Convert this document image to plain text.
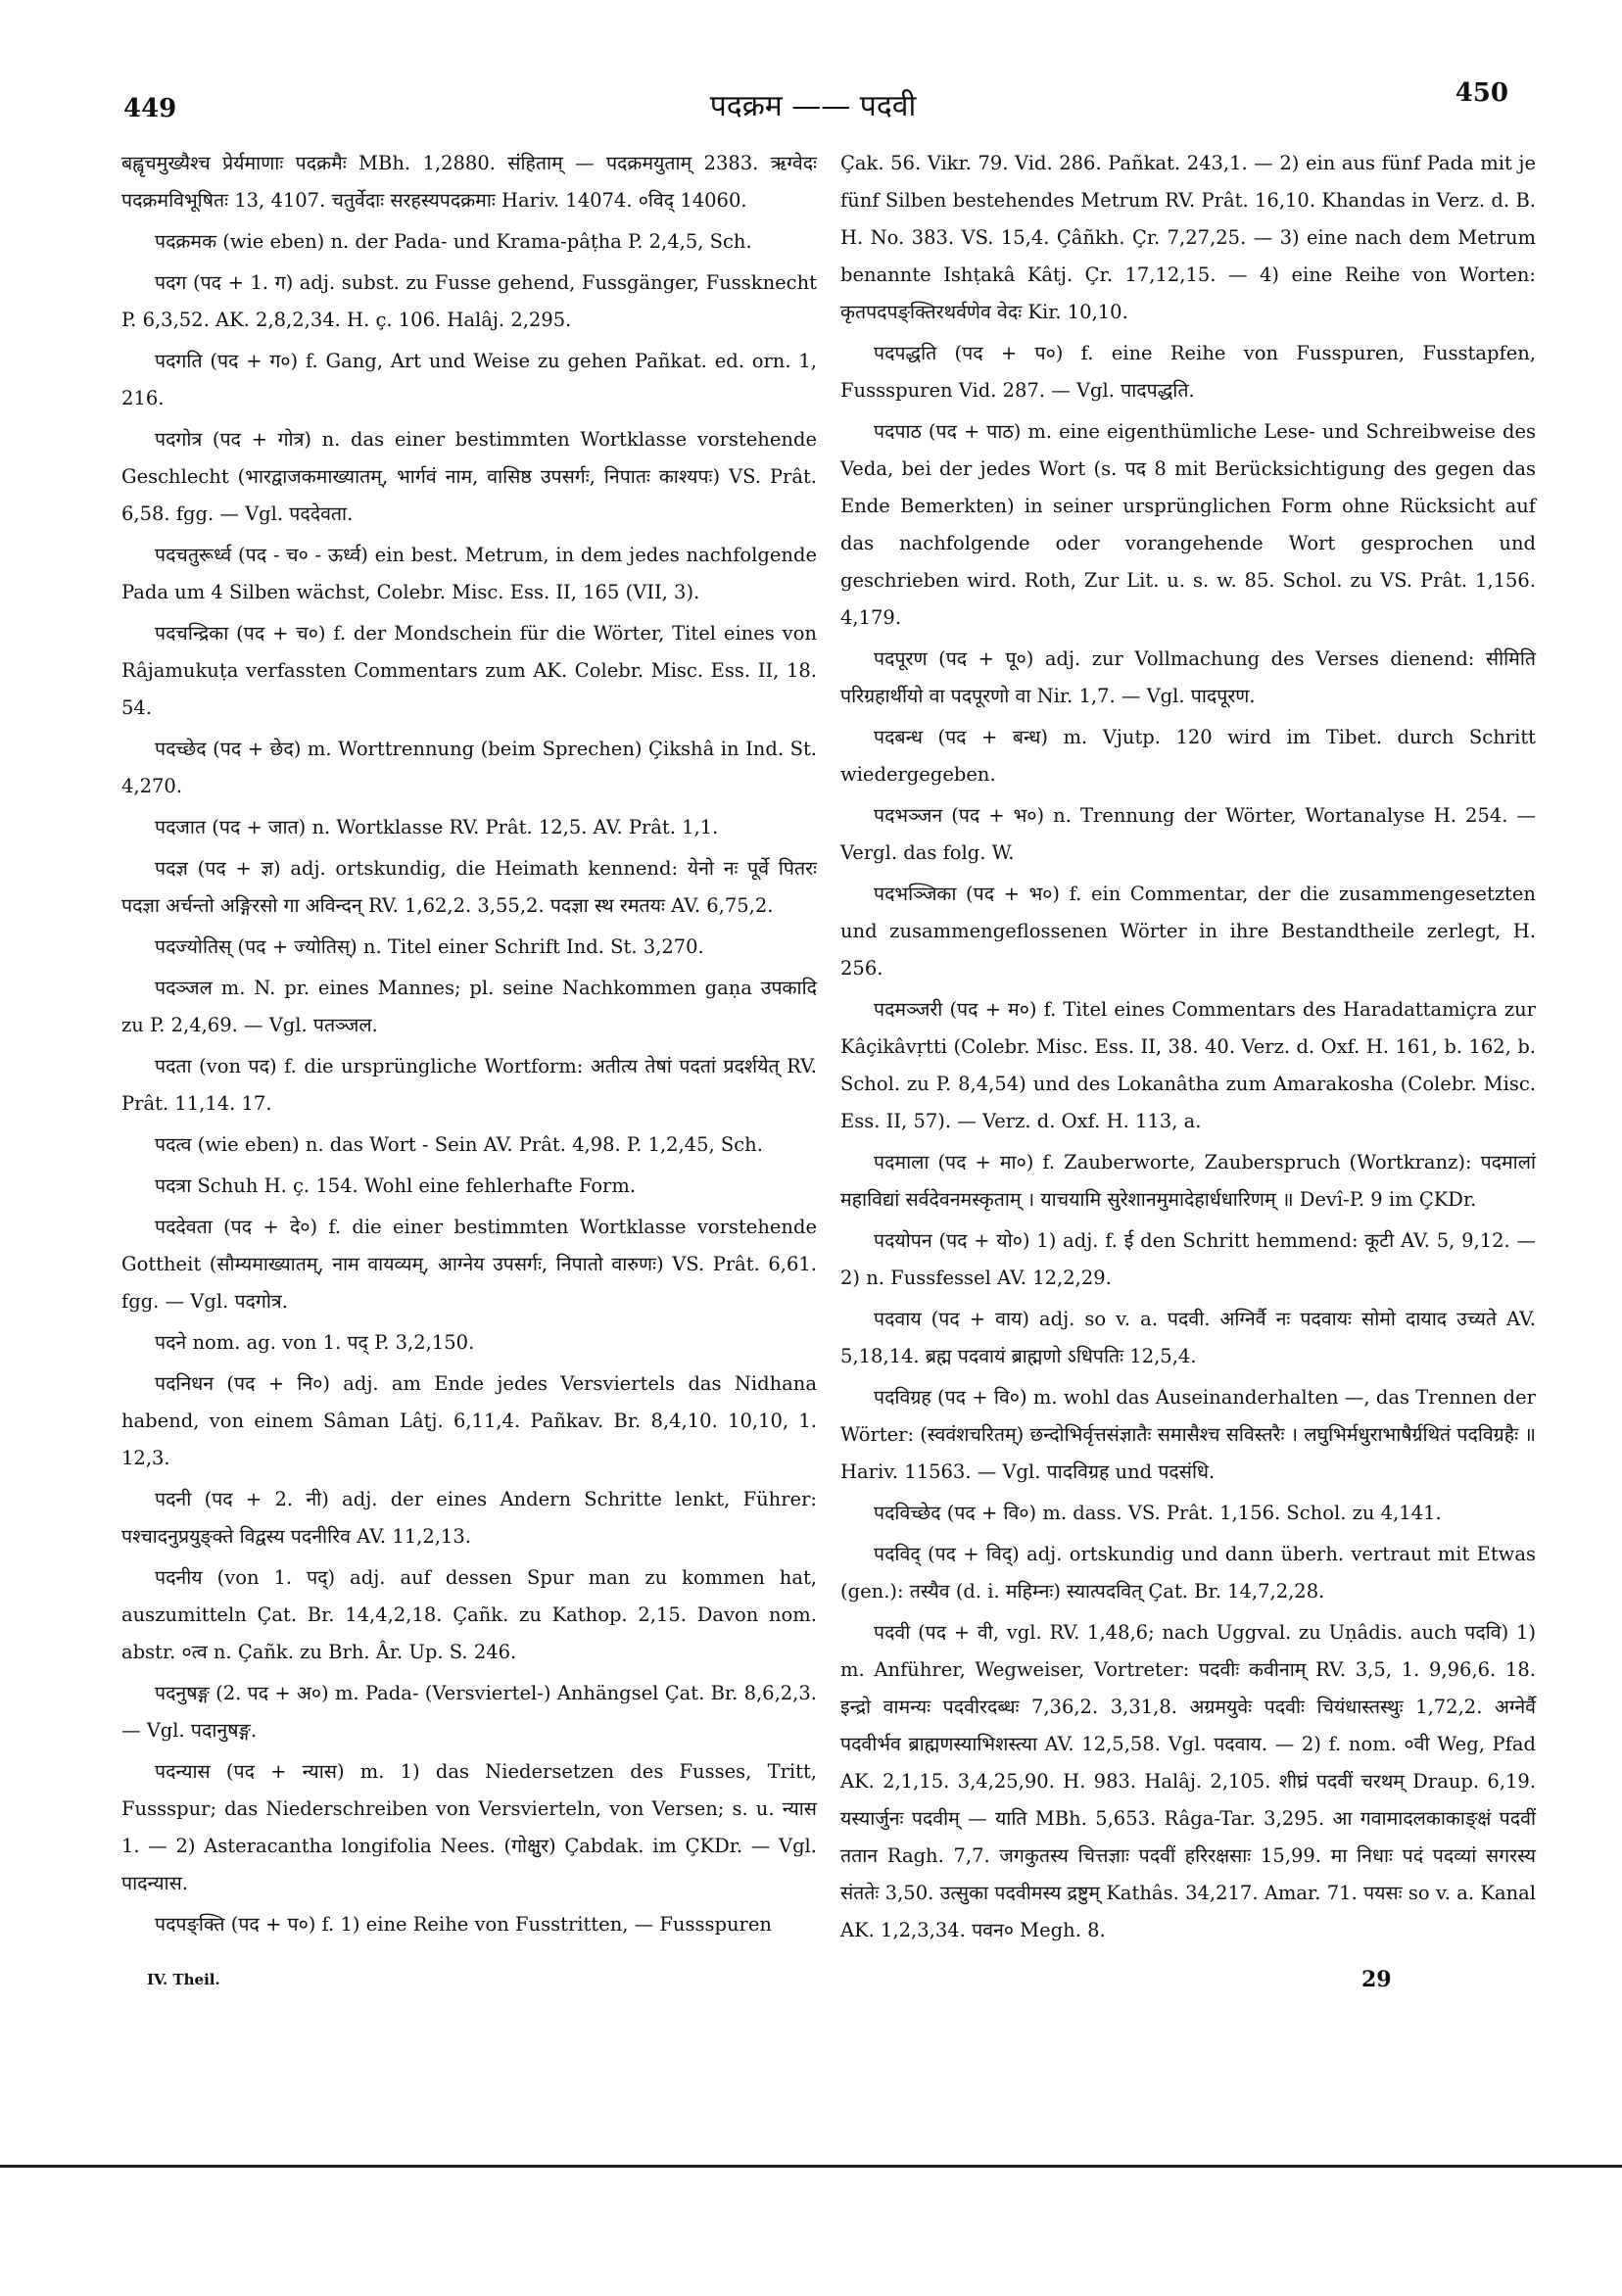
449	पदक्रम —— पदवी	450

बह्वृचमुख्यैश्च प्रेर्यमाणाः पदक्रमैः MBh. 1,2880. संहिताम् — पदक्रमयुताम् 2383. ऋग्वेदः पदक्रमविभूषितः 13, 4107. चतुर्वेदाः सरहस्यपदक्रमाः Hariv. 14074. ०विद् 14060.

पदक्रमक (wie eben) n. der Pada- und Krama-pâṭha P. 2,4,5, Sch.

पदग (पद + 1. ग) adj. subst. zu Fusse gehend, Fussgänger, Fussknecht P. 6,3,52. AK. 2,8,2,34. H. ç. 106. Halâj. 2,295.

पदगति (पद + ग०) f. Gang, Art und Weise zu gehen Pañkat. ed. orn. 1, 216.

पदगोत्र (पद + गोत्र) n. das einer bestimmten Wortklasse vorstehende Geschlecht (भारद्वाजकमाख्यातम्, भार्गवं नाम, वासिष्ठ उपसर्गः, निपातः काश्यपः) VS. Prât. 6,58. fgg. — Vgl. पददेवता.

पदचतुरूर्ध्व (पद - च० - ऊर्ध्व) ein best. Metrum, in dem jedes nachfolgende Pada um 4 Silben wächst, Colebr. Misc. Ess. II, 165 (VII, 3).

पदचन्द्रिका (पद + च०) f. der Mondschein für die Wörter, Titel eines von Râjamukuṭa verfassten Commentars zum AK. Colebr. Misc. Ess. II, 18. 54.

पदच्छेद (पद + छेद) m. Worttrennung (beim Sprechen) Çikshâ in Ind. St. 4,270.

पदजात (पद + जात) n. Wortklasse RV. Prât. 12,5. AV. Prât. 1,1.

पदज्ञ (पद + ज्ञ) adj. ortskundig, die Heimath kennend: येनो नः पूर्वे पितरः पदज्ञा अर्चन्तो अङ्गिरसो गा अविन्दन् RV. 1,62,2. 3,55,2. पदज्ञा स्थ रमतयः AV. 6,75,2.

पदज्योतिस् (पद + ज्योतिस्) n. Titel einer Schrift Ind. St. 3,270.

पदञ्जल m. N. pr. eines Mannes; pl. seine Nachkommen gaṇa उपकादि zu P. 2,4,69. — Vgl. पतञ्जल.

पदता (von पद) f. die ursprüngliche Wortform: अतीत्य तेषां पदतां प्रदर्शयेत् RV. Prât. 11,14. 17.

पदत्व (wie eben) n. das Wort - Sein AV. Prât. 4,98. P. 1,2,45, Sch.

पदत्रा Schuh H. ç. 154. Wohl eine fehlerhafte Form.

पददेवता (पद + दे०) f. die einer bestimmten Wortklasse vorstehende Gottheit (सौम्यमाख्यातम्, नाम वायव्यम्, आग्नेय उपसर्गः, निपातो वारुणः) VS. Prât. 6,61. fgg. — Vgl. पदगोत्र.

पदने nom. ag. von 1. पद् P. 3,2,150.

पदनिधन (पद + नि०) adj. am Ende jedes Versviertels das Nidhana habend, von einem Sâman Lâṭj. 6,11,4. Pañkav. Br. 8,4,10. 10,10, 1. 12,3.

पदनी (पद + 2. नी) adj. der eines Andern Schritte lenkt, Führer: पश्चादनुप्रयुङ्क्ते विद्वस्य पदनीरिव AV. 11,2,13.

पदनीय (von 1. पद्) adj. auf dessen Spur man zu kommen hat, auszumitteln Çat. Br. 14,4,2,18. Çañk. zu Kathop. 2,15. Davon nom. abstr. ०त्व n. Çañk. zu Brh. Âr. Up. S. 246.

पदनुषङ्ग (2. पद + अ०) m. Pada- (Versviertel-) Anhängsel Çat. Br. 8,6,2,3. — Vgl. पदानुषङ्ग.

पदन्यास (पद + न्यास) m. 1) das Niedersetzen des Fusses, Tritt, Fussspur; das Niederschreiben von Versvierteln, von Versen; s. u. न्यास 1. — 2) Asteracantha longifolia Nees. (गोक्षुर) Çabdak. im ÇKDr. — Vgl. पादन्यास.

पदपङ्क्ति (पद + प०) f. 1) eine Reihe von Fusstritten, — Fussspuren

Çak. 56. Vikr. 79. Vid. 286. Pañkat. 243,1. — 2) ein aus fünf Pada mit je fünf Silben bestehendes Metrum RV. Prât. 16,10. Khandas in Verz. d. B. H. No. 383. VS. 15,4. Çâñkh. Çr. 7,27,25. — 3) eine nach dem Metrum benannte Ishṭakâ Kâtj. Çr. 17,12,15. — 4) eine Reihe von Worten: कृतपदपङ्क्तिरथर्वणेव वेदः Kir. 10,10.

पदपद्धति (पद + प०) f. eine Reihe von Fusspuren, Fusstapfen, Fussspuren Vid. 287. — Vgl. पादपद्धति.

पदपाठ (पद + पाठ) m. eine eigenthümliche Lese- und Schreibweise des Veda, bei der jedes Wort (s. पद 8 mit Berücksichtigung des gegen das Ende Bemerkten) in seiner ursprünglichen Form ohne Rücksicht auf das nachfolgende oder vorangehende Wort gesprochen und geschrieben wird. Roth, Zur Lit. u. s. w. 85. Schol. zu VS. Prât. 1,156. 4,179.

पदपूरण (पद + पू०) adj. zur Vollmachung des Verses dienend: सीमिति परिग्रहार्थीयो वा पदपूरणो वा Nir. 1,7. — Vgl. पादपूरण.

पदबन्ध (पद + बन्ध) m. Vjutp. 120 wird im Tibet. durch Schritt wiedergegeben.

पदभञ्जन (पद + भ०) n. Trennung der Wörter, Wortanalyse H. 254. — Vergl. das folg. W.

पदभञ्जिका (पद + भ०) f. ein Commentar, der die zusammengesetzten und zusammengeflossenen Wörter in ihre Bestandtheile zerlegt, H. 256.

पदमञ्जरी (पद + म०) f. Titel eines Commentars des Haradattamiçra zur Kâçikâvṛtti (Colebr. Misc. Ess. II, 38. 40. Verz. d. Oxf. H. 161, b. 162, b. Schol. zu P. 8,4,54) und des Lokanâtha zum Amarakosha (Colebr. Misc. Ess. II, 57). — Verz. d. Oxf. H. 113, a.

पदमाला (पद + मा०) f. Zauberworte, Zauberspruch (Wortkranz): पदमालां महाविद्यां सर्वदेवनमस्कृताम् । याचयामि सुरेशानमुमादेहार्धधारिणम् ॥ Devî-P. 9 im ÇKDr.

पदयोपन (पद + यो०) 1) adj. f. ई den Schritt hemmend: कूटी AV. 5, 9,12. — 2) n. Fussfessel AV. 12,2,29.

पदवाय (पद + वाय) adj. so v. a. पदवी. अग्निर्वै नः पदवायः सोमो दायाद उच्यते AV. 5,18,14. ब्रह्म पदवायं ब्राह्मणो ऽधिपतिः 12,5,4.

पदविग्रह (पद + वि०) m. wohl das Auseinanderhalten —, das Trennen der Wörter: (स्ववंशचरितम्) छन्दोभिर्वृत्तसंज्ञातैः समासैश्च सविस्तरैः । लघुभिर्मधुराभाषैर्ग्रथितं पदविग्रहैः ॥ Hariv. 11563. — Vgl. पादविग्रह und पदसंधि.

पदविच्छेद (पद + वि०) m. dass. VS. Prât. 1,156. Schol. zu 4,141.

पदविद् (पद + विद्) adj. ortskundig und dann überh. vertraut mit Etwas (gen.): तस्यैव (d. i. महिम्नः) स्यात्पदवित् Çat. Br. 14,7,2,28.

पदवी (पद + वी, vgl. RV. 1,48,6; nach Uggval. zu Uṇâdis. auch पदवि) 1) m. Anführer, Wegweiser, Vortreter: पदवीः कवीनाम् RV. 3,5, 1. 9,96,6. 18. इन्द्रो वामन्यः पदवीरदब्धः 7,36,2. 3,31,8. अग्रमयुवेः पदवीः चियंधास्तस्थुः 1,72,2. अग्नेर्वै पदवीर्भव ब्राह्मणस्याभिशस्त्या AV. 12,5,58. Vgl. पदवाय. — 2) f. nom. ०वी Weg, Pfad AK. 2,1,15. 3,4,25,90. H. 983. Halâj. 2,105. शीघ्रं पदवीं चरथम् Draup. 6,19. यस्यार्जुनः पदवीम् — याति MBh. 5,653. Râga-Tar. 3,295. आ गवामादलकाकाङ्क्षं पदवीं ततान Ragh. 7,7. जगकुतस्य चित्तज्ञाः पदवीं हरिरक्षसाः 15,99. मा निधाः पदं पदव्यां सगरस्य संततेः 3,50. उत्सुका पदवीमस्य द्रष्टुम् Kathâs. 34,217. Amar. 71. पयसः so v. a. Kanal AK. 1,2,3,34. पवन० Megh. 8.

IV. Theil.	29
